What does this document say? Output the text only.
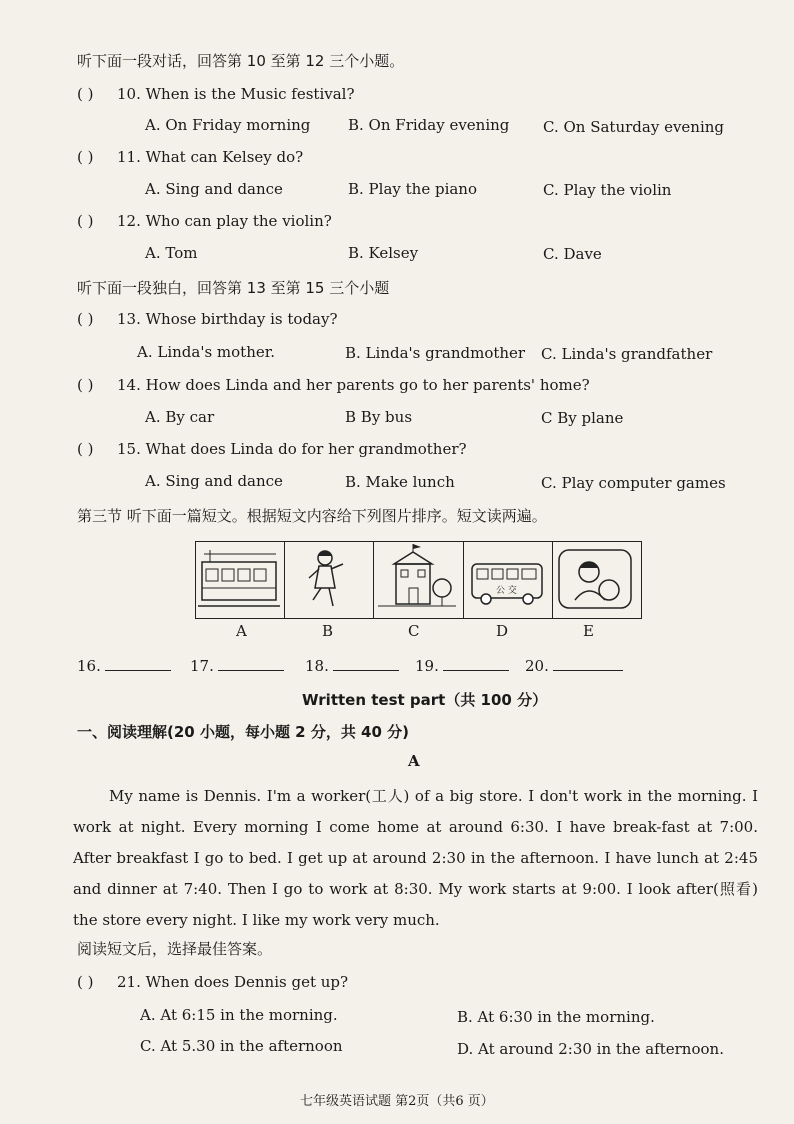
听下面一段对话，回答第 10 至第 12 三个小题。
( ) 10. When is the Music festival?
A. On Friday morning	B. On Friday evening C. On Saturday evening
( ) 11. What can Kelsey do?
A. Sing and dance	B. Play the piano	C. Play the violin
( ) 12. Who can play the violin?
A. Tom	B. Kelsey	C. Dave
听下面一段独白，回答第 13 至第 15 三个小题
( ) 13. Whose birthday is today?
A. Linda's mother.	B. Linda's grandmother C. Linda's grandfather
( ) 14. How does Linda and her parents go to her parents' home?
A. By car	B By bus	C By plane
( ) 15. What does Linda do for her grandmother?
A. Sing and dance	B. Make lunch	C. Play computer games
第三节 听下面一篇短文。根据短文内容给下列图片排序。短文读两遍。
公 交
A	B	C	D	E
16.	17.	18.	19.	20.
Written test part（共 100 分）
一、阅读理解(20 小题，每小题 2 分，共 40 分)
A
My name is Dennis. I'm a worker(工人) of a big store. I don't work in the morning. I work at night. Every morning I come home at around 6:30. I have break-fast at 7:00. After breakfast I go to bed. I get up at around 2:30 in the afternoon. I have lunch at 2:45 and dinner at 7:40. Then I go to work at 8:30. My work starts at 9:00. I look after(照看) the store every night. I like my work very much.
阅读短文后，选择最佳答案。
( ) 21. When does Dennis get up?
A. At 6:15 in the morning.	B. At 6:30 in the morning.
C. At 5.30 in the afternoon	D. At around 2:30 in the afternoon.
七年级英语试题 第2页（共6 页）
